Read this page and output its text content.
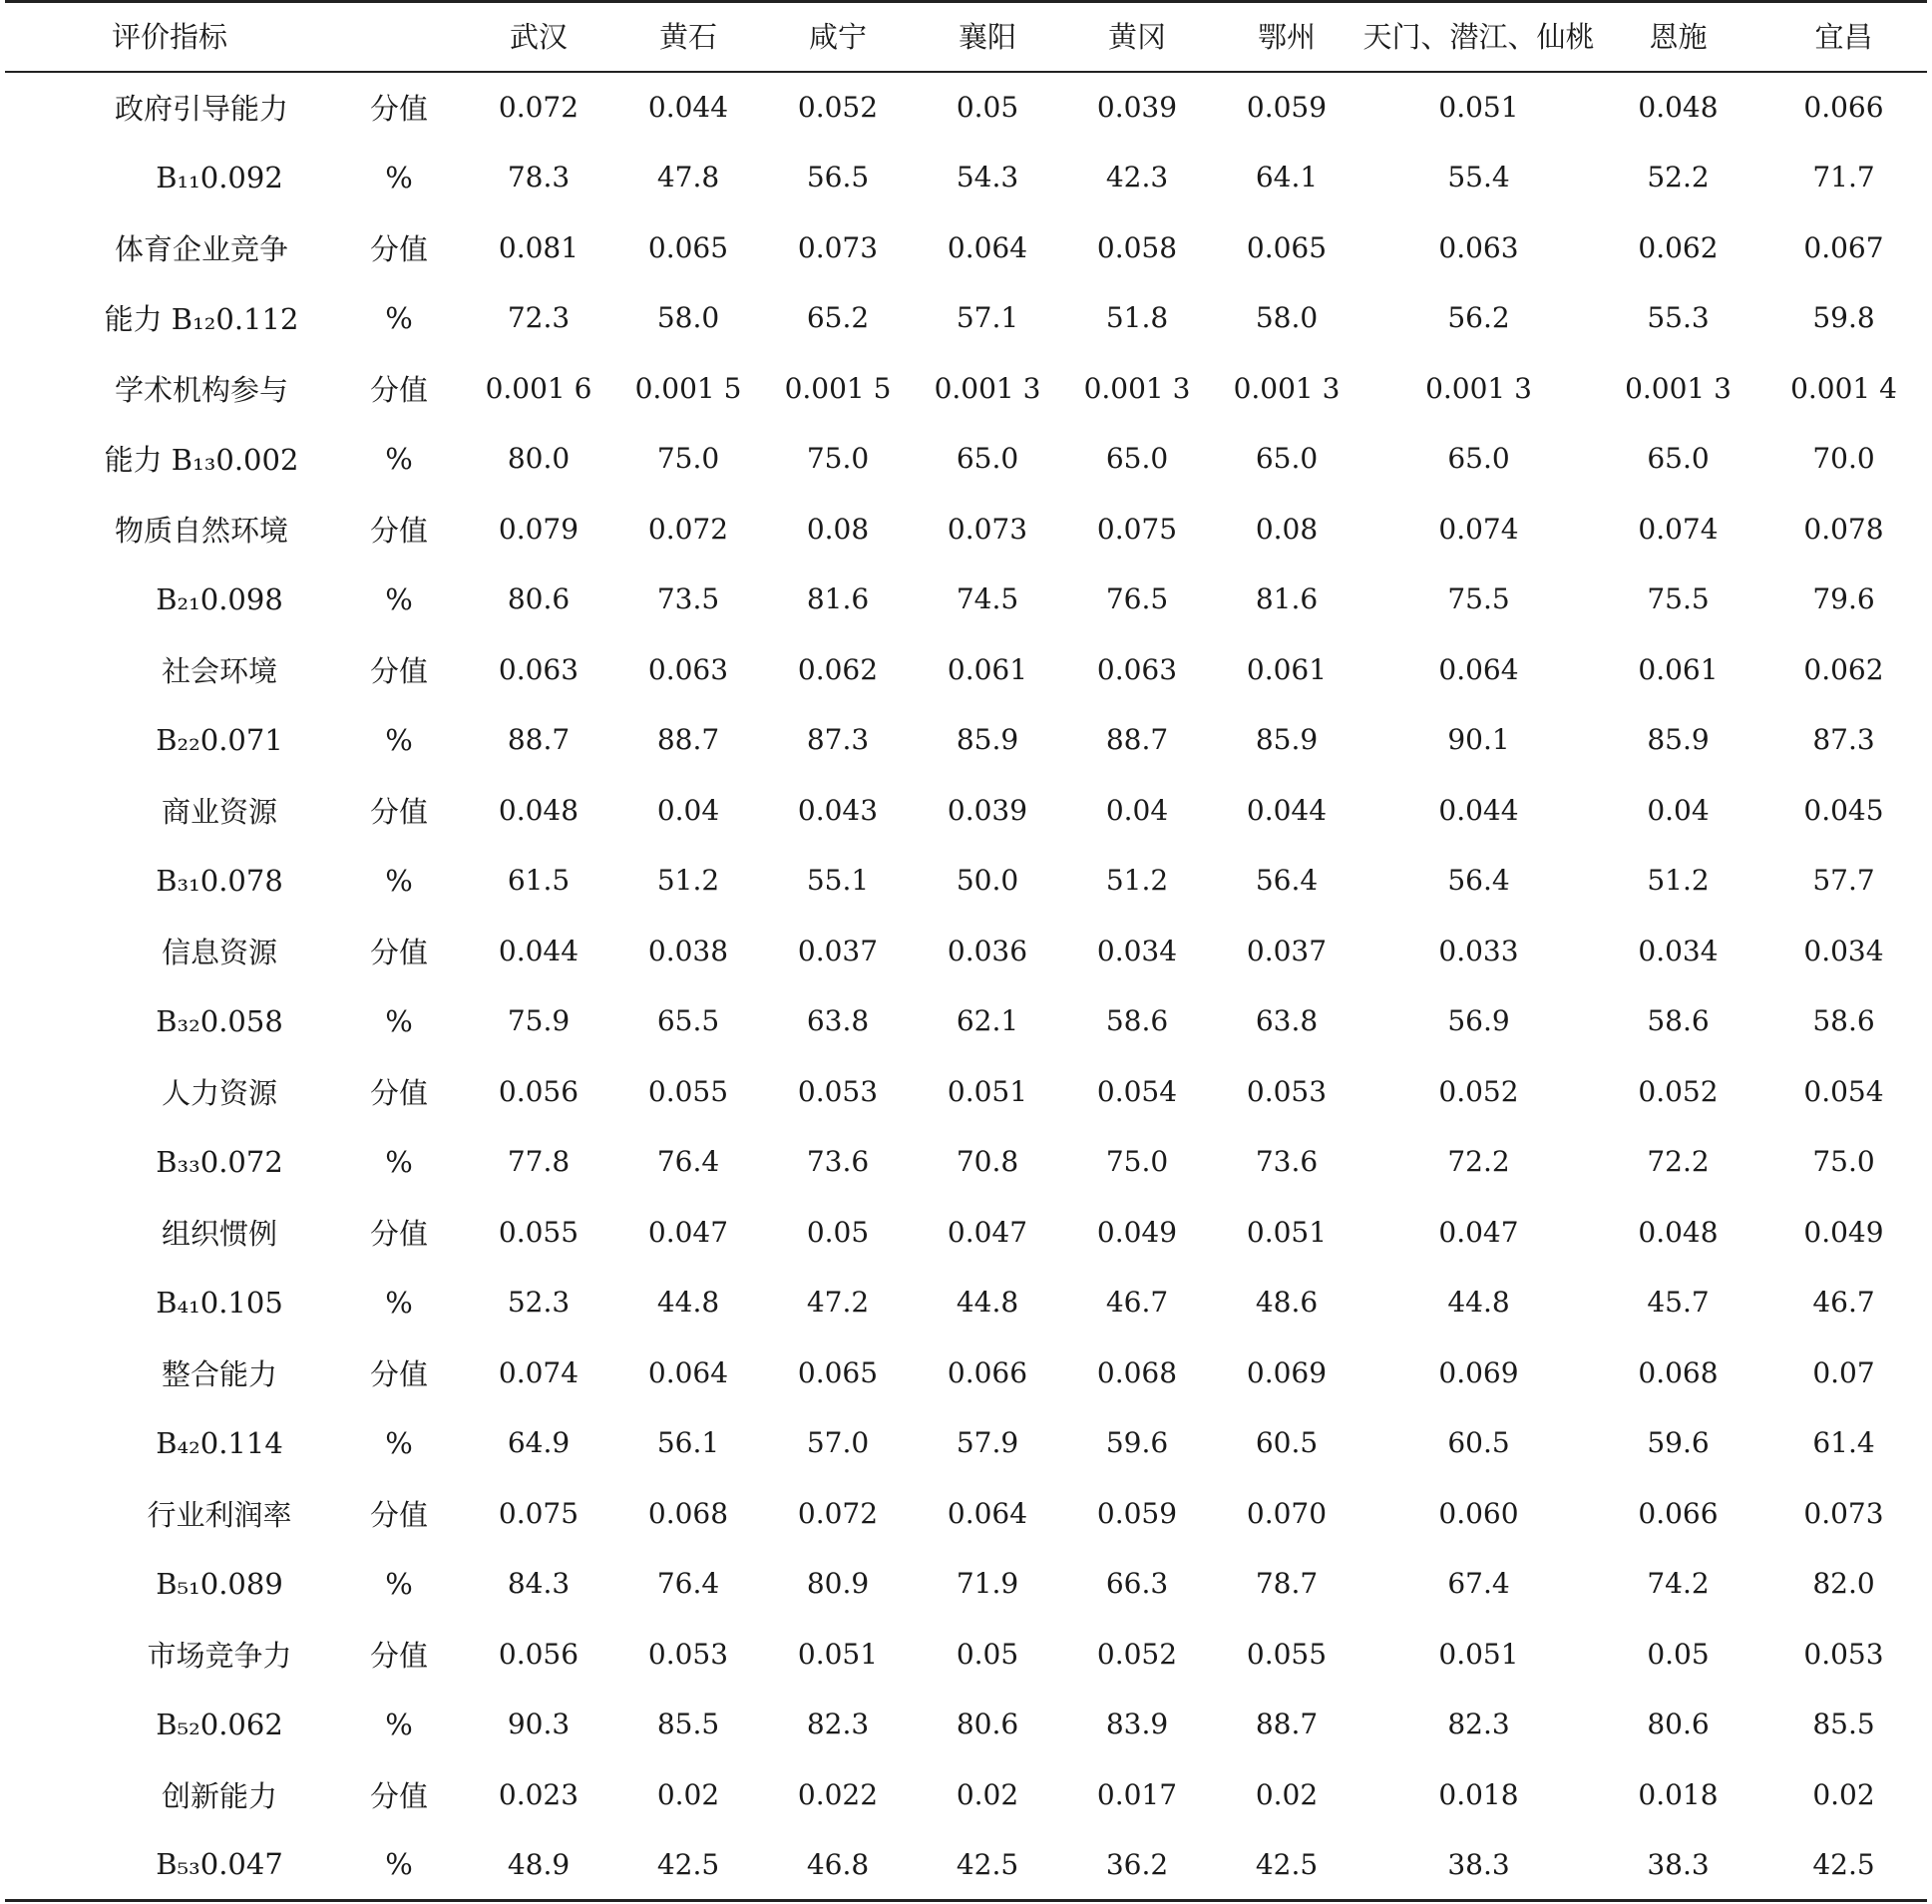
评价指标		武汉	黄石	咸宁	襄阳	黄冈	鄂州	天门、潜江、仙桃	恩施	宜昌
政府引导能力	分值	0.072	0.044	0.052	0.05	0.039	0.059	0.051	0.048	0.066
B₁₁0.092	%	78.3	47.8	56.5	54.3	42.3	64.1	55.4	52.2	71.7
体育企业竞争	分值	0.081	0.065	0.073	0.064	0.058	0.065	0.063	0.062	0.067
能力 B₁₂0.112	%	72.3	58.0	65.2	57.1	51.8	58.0	56.2	55.3	59.8
学术机构参与	分值	0.001 6	0.001 5	0.001 5	0.001 3	0.001 3	0.001 3	0.001 3	0.001 3	0.001 4
能力 B₁₃0.002	%	80.0	75.0	75.0	65.0	65.0	65.0	65.0	65.0	70.0
物质自然环境	分值	0.079	0.072	0.08	0.073	0.075	0.08	0.074	0.074	0.078
B₂₁0.098	%	80.6	73.5	81.6	74.5	76.5	81.6	75.5	75.5	79.6
社会环境	分值	0.063	0.063	0.062	0.061	0.063	0.061	0.064	0.061	0.062
B₂₂0.071	%	88.7	88.7	87.3	85.9	88.7	85.9	90.1	85.9	87.3
商业资源	分值	0.048	0.04	0.043	0.039	0.04	0.044	0.044	0.04	0.045
B₃₁0.078	%	61.5	51.2	55.1	50.0	51.2	56.4	56.4	51.2	57.7
信息资源	分值	0.044	0.038	0.037	0.036	0.034	0.037	0.033	0.034	0.034
B₃₂0.058	%	75.9	65.5	63.8	62.1	58.6	63.8	56.9	58.6	58.6
人力资源	分值	0.056	0.055	0.053	0.051	0.054	0.053	0.052	0.052	0.054
B₃₃0.072	%	77.8	76.4	73.6	70.8	75.0	73.6	72.2	72.2	75.0
组织惯例	分值	0.055	0.047	0.05	0.047	0.049	0.051	0.047	0.048	0.049
B₄₁0.105	%	52.3	44.8	47.2	44.8	46.7	48.6	44.8	45.7	46.7
整合能力	分值	0.074	0.064	0.065	0.066	0.068	0.069	0.069	0.068	0.07
B₄₂0.114	%	64.9	56.1	57.0	57.9	59.6	60.5	60.5	59.6	61.4
行业利润率	分值	0.075	0.068	0.072	0.064	0.059	0.070	0.060	0.066	0.073
B₅₁0.089	%	84.3	76.4	80.9	71.9	66.3	78.7	67.4	74.2	82.0
市场竞争力	分值	0.056	0.053	0.051	0.05	0.052	0.055	0.051	0.05	0.053
B₅₂0.062	%	90.3	85.5	82.3	80.6	83.9	88.7	82.3	80.6	85.5
创新能力	分值	0.023	0.02	0.022	0.02	0.017	0.02	0.018	0.018	0.02
B₅₃0.047	%	48.9	42.5	46.8	42.5	36.2	42.5	38.3	38.3	42.5
